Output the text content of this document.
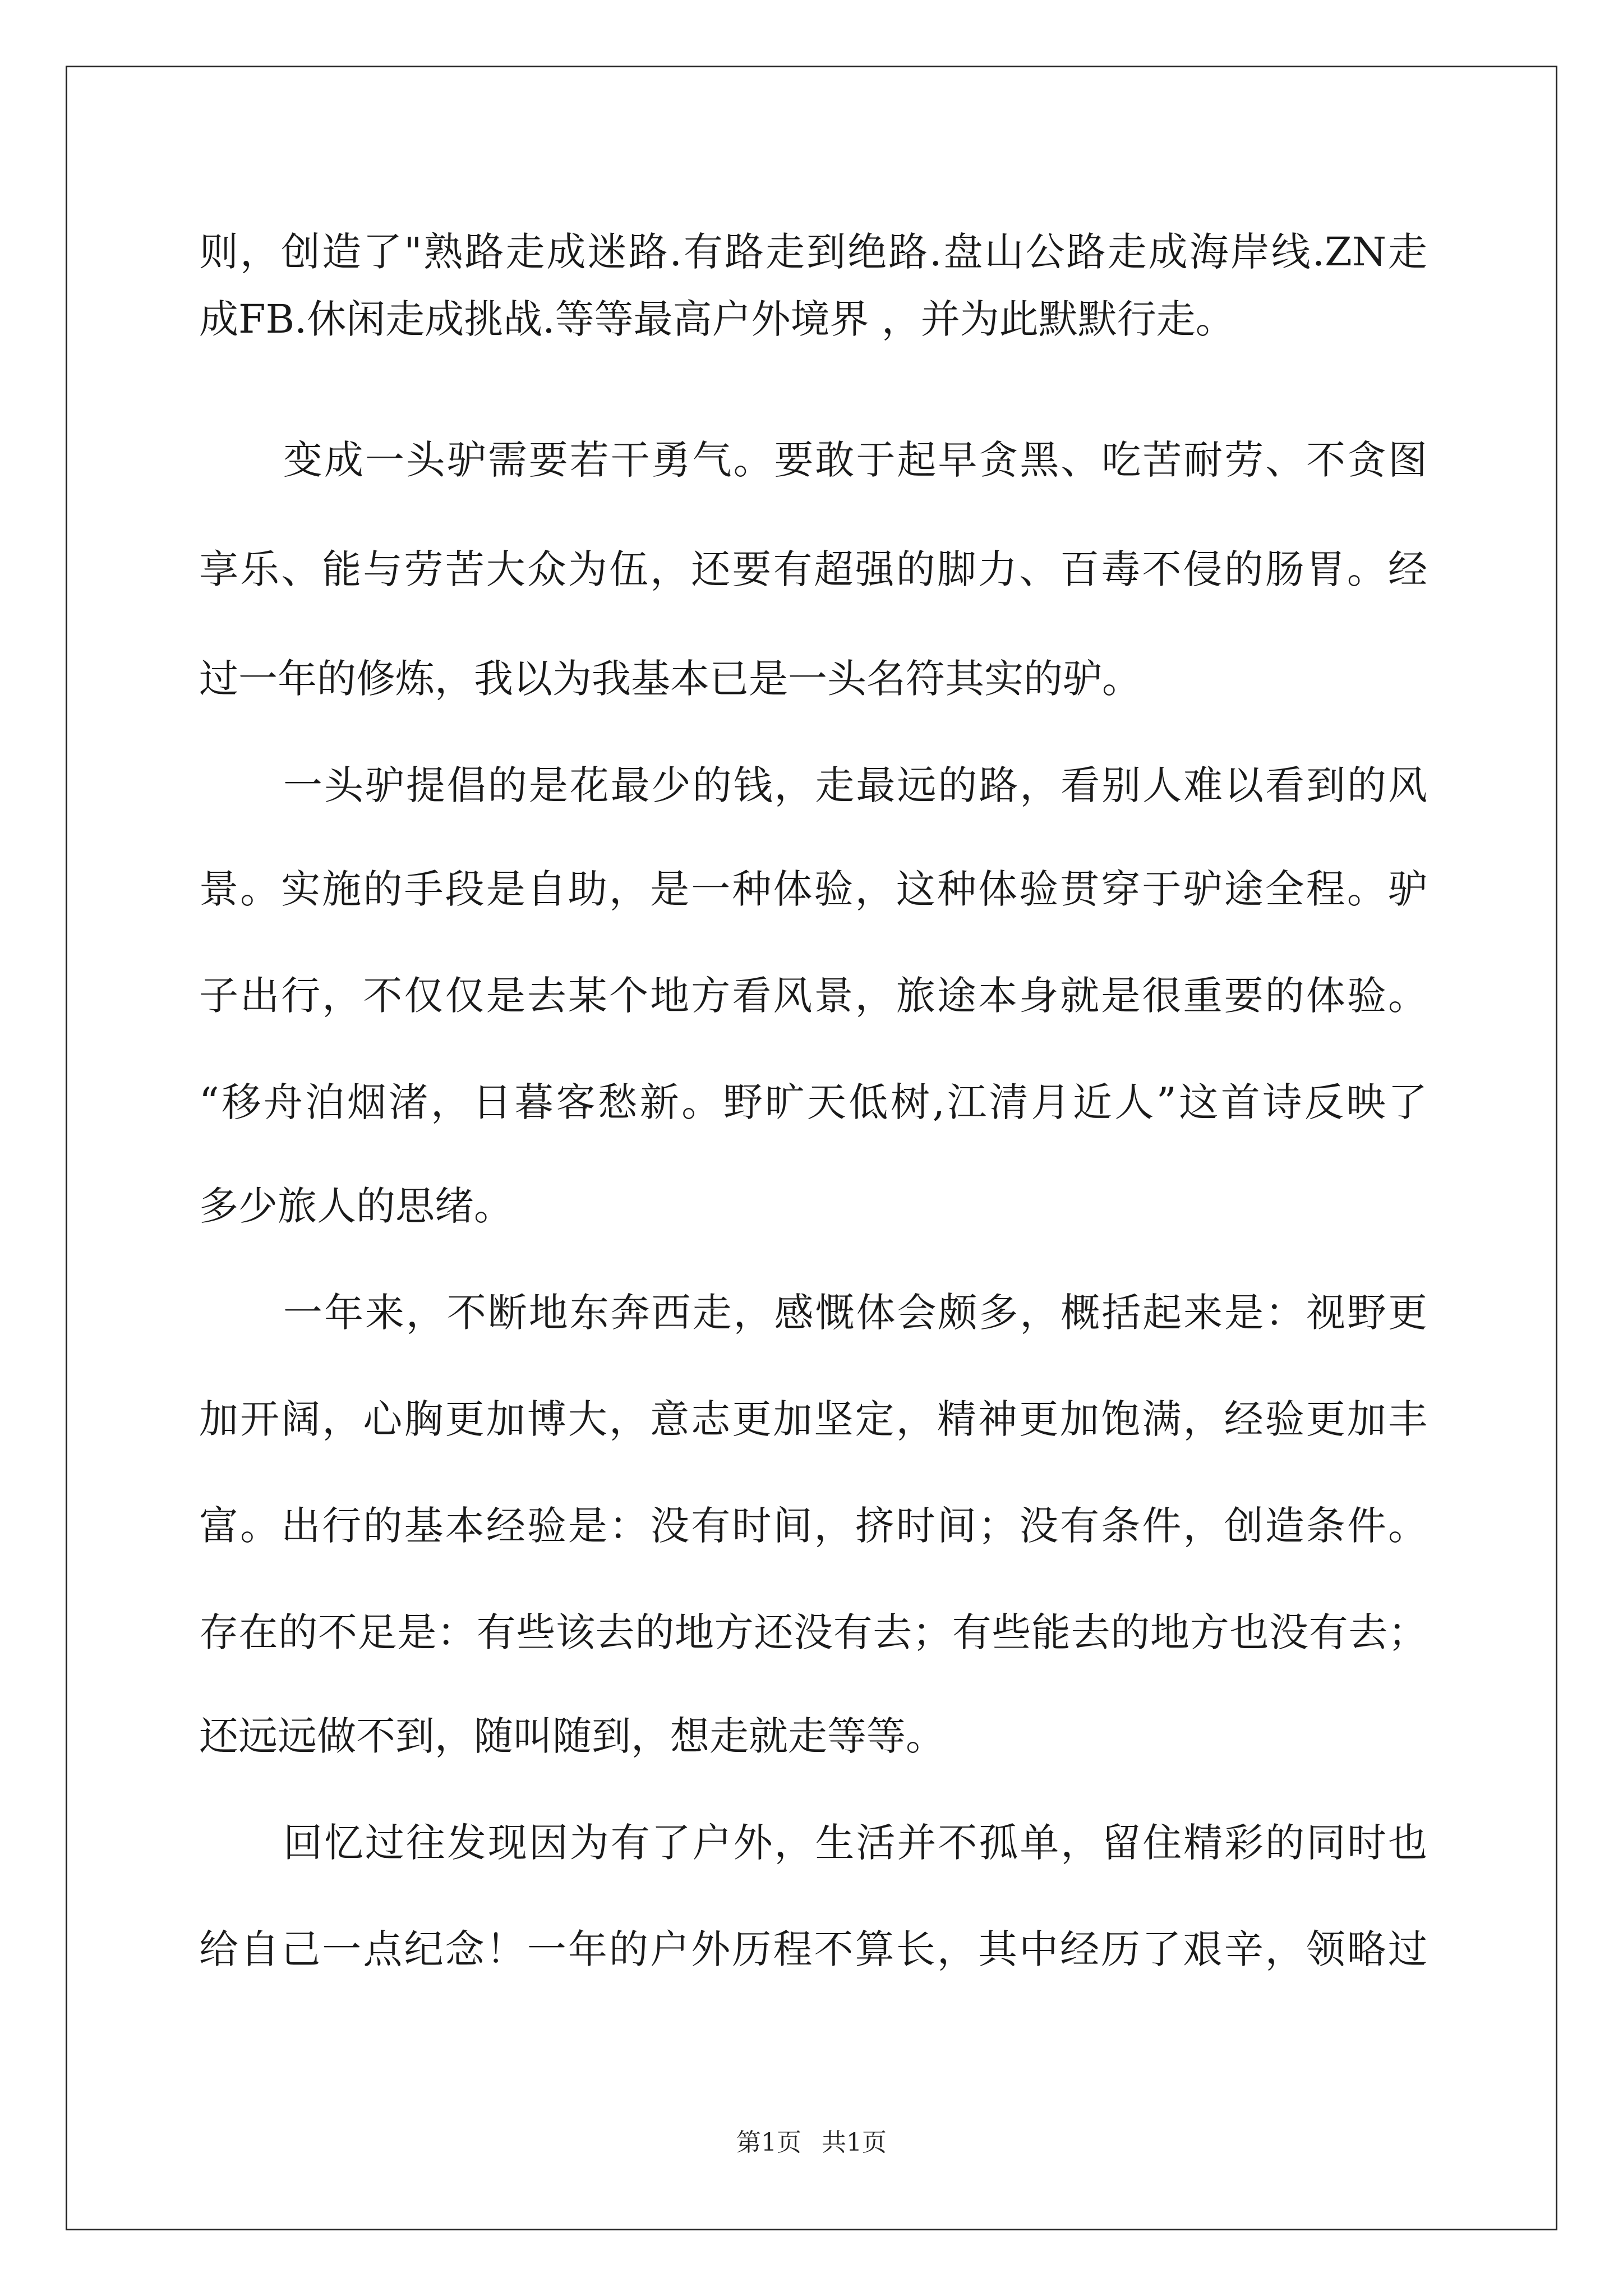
则，创造了"熟路走成迷路.有路走到绝路.盘山公路走成海岸线.ZN走
成FB.休闲走成挑战.等等最高户外境界 ，并为此默默行走。
变成一头驴需要若干勇气。要敢于起早贪黑、吃苦耐劳、不贪图
享乐、能与劳苦大众为伍，还要有超强的脚力、百毒不侵的肠胃。经
过一年的修炼，我以为我基本已是一头名符其实的驴。
一头驴提倡的是花最少的钱，走最远的路，看别人难以看到的风
景。实施的手段是自助，是一种体验，这种体验贯穿于驴途全程。驴
子出行，不仅仅是去某个地方看风景，旅途本身就是很重要的体验。
“移舟泊烟渚，日暮客愁新。野旷天低树,江清月近人”这首诗反映了
多少旅人的思绪。
一年来，不断地东奔西走，感慨体会颇多，概括起来是：视野更
加开阔，心胸更加博大，意志更加坚定，精神更加饱满，经验更加丰
富。出行的基本经验是：没有时间，挤时间；没有条件，创造条件。
存在的不足是：有些该去的地方还没有去；有些能去的地方也没有去；
还远远做不到，随叫随到，想走就走等等。
回忆过往发现因为有了户外，生活并不孤单，留住精彩的同时也
给自己一点纪念！一年的户外历程不算长，其中经历了艰辛，领略过
第1页 共1页
